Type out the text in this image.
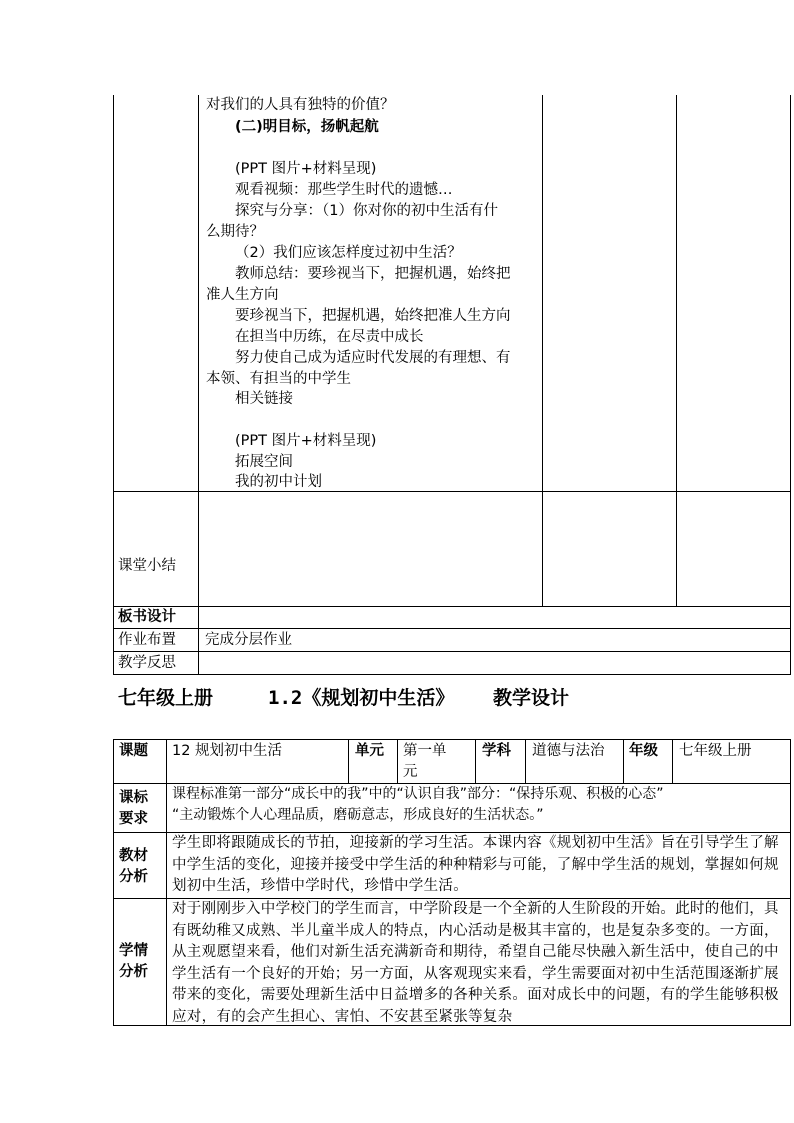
对我们的人具有独特的价值？
(二)明目标，扬帆起航
(PPT 图片+材料呈现)
观看视频：那些学生时代的遗憾…
探究与分享：（1）你对你的初中生活有什
么期待？
（2）我们应该怎样度过初中生活？
教师总结：要珍视当下，把握机遇，始终把
准人生方向
要珍视当下，把握机遇，始终把准人生方向
在担当中历练，在尽责中成长
努力使自己成为适应时代发展的有理想、有
本领、有担当的中学生
相关链接
(PPT 图片+材料呈现)
拓展空间
我的初中计划
课堂小结
板书设计
作业布置 完成分层作业
教学反思
七年级上册	1.2《规划初中生活》 教学设计
课题 12 规划初中生活	单元 第一单
元
学科 道德与法治 年级 七年级上册
课标
要求
课程标准第一部分“成长中的我”中的“认识自我”部分：“保持乐观、积极的心态”
“主动锻炼个人心理品质，磨砺意志，形成良好的生活状态。”
教材
分析
学生即将跟随成长的节拍，迎接新的学习生活。本课内容《规划初中生活》旨在引导学生了解中学生活的变化，迎接并接受中学生活的种种精彩与可能，了解中学生活的规划，掌握如何规划初中生活，珍惜中学时代，珍惜中学生活。
学情
分析
对于刚刚步入中学校门的学生而言，中学阶段是一个全新的人生阶段的开始。此时的他们，具有既幼稚又成熟、半儿童半成人的特点，内心活动是极其丰富的，也是复杂多变的。一方面，从主观愿望来看，他们对新生活充满新奇和期待，希望自己能尽快融入新生活中，使自己的中学生活有一个良好的开始；另一方面，从客观现实来看，学生需要面对初中生活范围逐渐扩展带来的变化，需要处理新生活中日益增多的各种关系。面对成长中的问题，有的学生能够积极应对，有的会产生担心、害怕、不安甚至紧张等复杂
